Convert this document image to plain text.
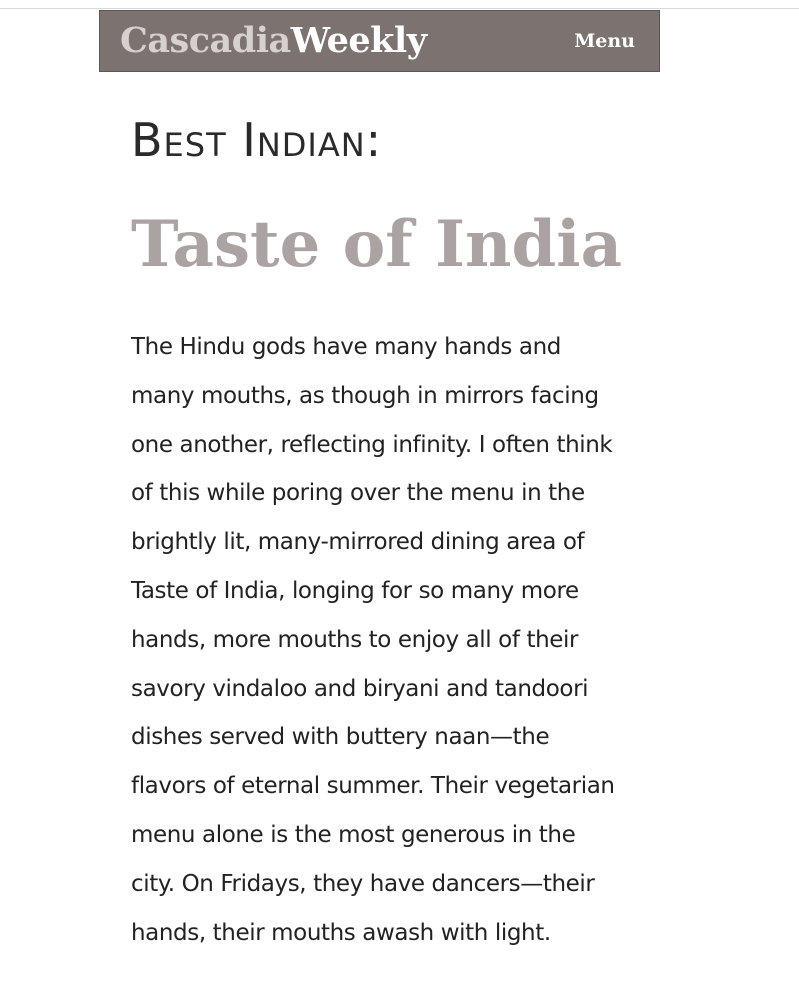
CascadiaWeekly	Menu
Best Indian:
Taste of India
The Hindu gods have many hands and
many mouths, as though in mirrors facing
one another, reflecting infinity. I often think
of this while poring over the menu in the
brightly lit, many-mirrored dining area of
Taste of India, longing for so many more
hands, more mouths to enjoy all of their
savory vindaloo and biryani and tandoori
dishes served with buttery naan—the
flavors of eternal summer. Their vegetarian
menu alone is the most generous in the
city. On Fridays, they have dancers—their
hands, their mouths awash with light.
